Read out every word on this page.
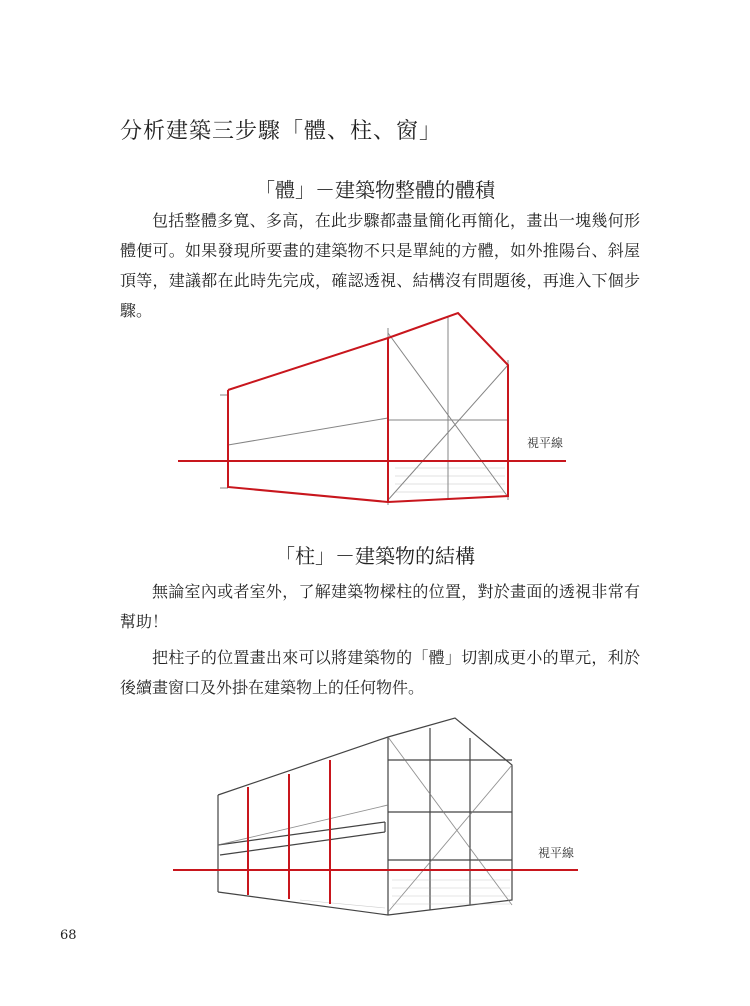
分析建築三步驟「體、柱、窗」
「體」－建築物整體的體積

包括整體多寬、多高，在此步驟都盡量簡化再簡化，畫出一塊幾何形體便可。如果發現所要畫的建築物不只是單純的方體，如外推陽台、斜屋頂等，建議都在此時先完成，確認透視、結構沒有問題後，再進入下個步驟。

視平線
「柱」－建築物的結構

無論室內或者室外，了解建築物樑柱的位置，對於畫面的透視非常有幫助！

把柱子的位置畫出來可以將建築物的「體」切割成更小的單元，利於後續畫窗口及外掛在建築物上的任何物件。

視平線
68
